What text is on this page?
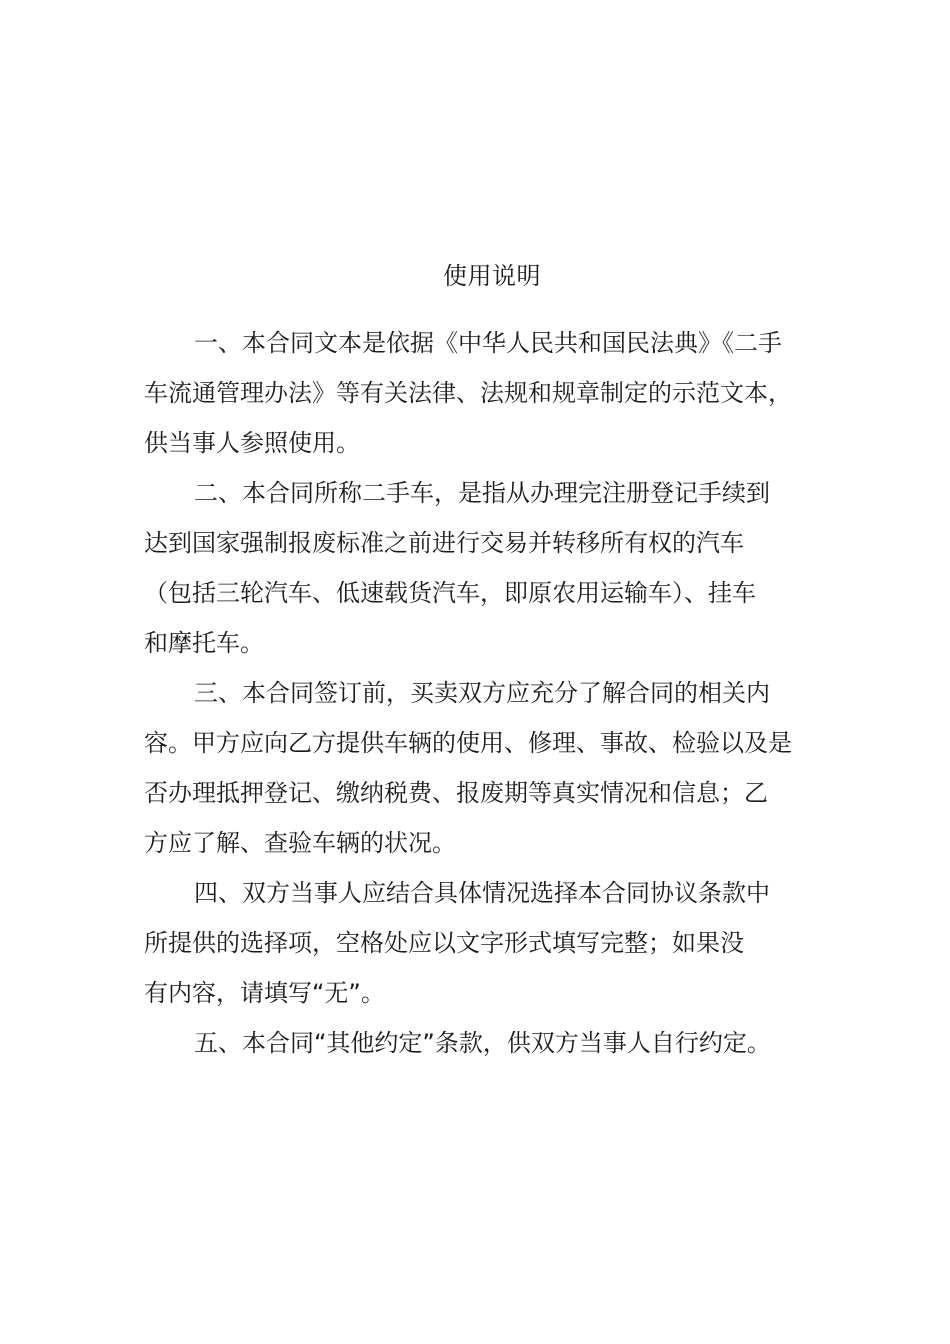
使用说明

一、本合同文本是依据《中华人民共和国民法典》《二手
车流通管理办法》等有关法律、法规和规章制定的示范文本，
供当事人参照使用。

二、本合同所称二手车，是指从办理完注册登记手续到
达到国家强制报废标准之前进行交易并转移所有权的汽车
（包括三轮汽车、低速载货汽车，即原农用运输车）、挂车
和摩托车。

三、本合同签订前，买卖双方应充分了解合同的相关内
容。甲方应向乙方提供车辆的使用、修理、事故、检验以及是
否办理抵押登记、缴纳税费、报废期等真实情况和信息；乙
方应了解、查验车辆的状况。

四、双方当事人应结合具体情况选择本合同协议条款中
所提供的选择项，空格处应以文字形式填写完整；如果没
有内容，请填写“无”。

五、本合同“其他约定”条款，供双方当事人自行约定。
